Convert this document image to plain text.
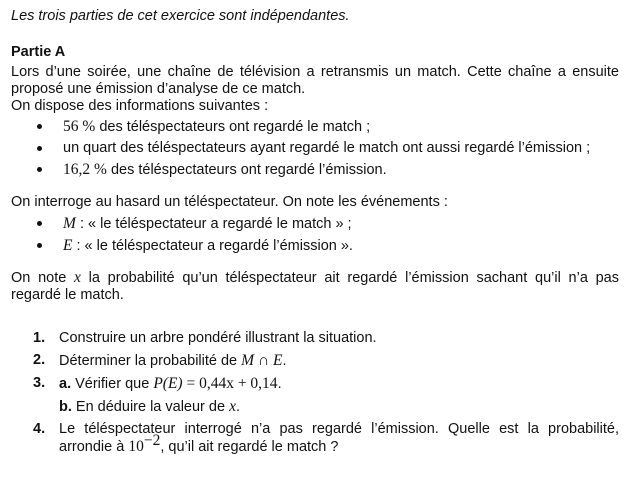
Les trois parties de cet exercice sont indépendantes.

Partie A

Lors d’une soirée, une chaîne de télévision a retransmis un match. Cette chaîne a ensuite proposé une émission d’analyse de ce match.

On dispose des informations suivantes :

56 % des téléspectateurs ont regardé le match ;
un quart des téléspectateurs ayant regardé le match ont aussi regardé l’émission ;
16,2 % des téléspectateurs ont regardé l’émission.

On interroge au hasard un téléspectateur. On note les événements :

M : « le téléspectateur a regardé le match » ;
E : « le téléspectateur a regardé l’émission ».

On note x la probabilité qu’un téléspectateur ait regardé l’émission sachant qu’il n’a pas regardé le match.

1. Construire un arbre pondéré illustrant la situation.
2. Déterminer la probabilité de M ∩ E.
3. a. Vérifier que P(E) = 0,44x + 0,14.
b. En déduire la valeur de x.
4. Le téléspectateur interrogé n’a pas regardé l’émission. Quelle est la probabilité, arrondie à $10^{-2}$, qu’il ait regardé le match ?
